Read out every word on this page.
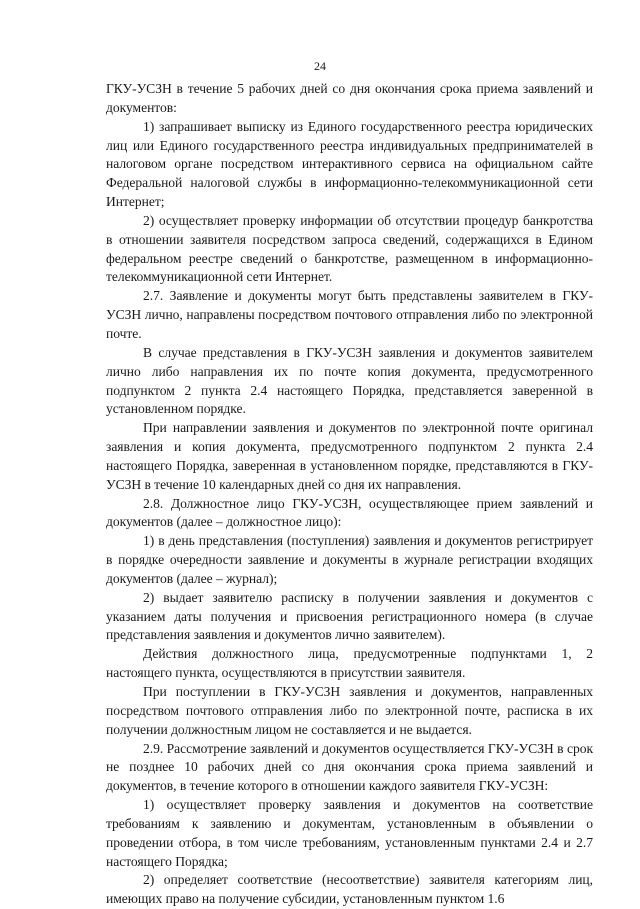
24

ГКУ-УСЗН в течение 5 рабочих дней со дня окончания срока приема заявлений и документов:

1) запрашивает выписку из Единого государственного реестра юридических лиц или Единого государственного реестра индивидуальных предпринимателей в налоговом органе посредством интерактивного сервиса на официальном сайте Федеральной налоговой службы в информационно-телекоммуникационной сети Интернет;

2) осуществляет проверку информации об отсутствии процедур банкротства в отношении заявителя посредством запроса сведений, содержащихся в Едином федеральном реестре сведений о банкротстве, размещенном в информационно-телекоммуникационной сети Интернет.

2.7. Заявление и документы могут быть представлены заявителем в ГКУ-УСЗН лично, направлены посредством почтового отправления либо по электронной почте.

В случае представления в ГКУ-УСЗН заявления и документов заявителем лично либо направления их по почте копия документа, предусмотренного подпунктом 2 пункта 2.4 настоящего Порядка, представляется заверенной в установленном порядке.

При направлении заявления и документов по электронной почте оригинал заявления и копия документа, предусмотренного подпунктом 2 пункта 2.4 настоящего Порядка, заверенная в установленном порядке, представляются в ГКУ-УСЗН в течение 10 календарных дней со дня их направления.

2.8. Должностное лицо ГКУ-УСЗН, осуществляющее прием заявлений и документов (далее – должностное лицо):

1) в день представления (поступления) заявления и документов регистрирует в порядке очередности заявление и документы в журнале регистрации входящих документов (далее – журнал);

2) выдает заявителю расписку в получении заявления и документов с указанием даты получения и присвоения регистрационного номера (в случае представления заявления и документов лично заявителем).

Действия должностного лица, предусмотренные подпунктами 1, 2 настоящего пункта, осуществляются в присутствии заявителя.

При поступлении в ГКУ-УСЗН заявления и документов, направленных посредством почтового отправления либо по электронной почте, расписка в их получении должностным лицом не составляется и не выдается.

2.9. Рассмотрение заявлений и документов осуществляется ГКУ-УСЗН в срок не позднее 10 рабочих дней со дня окончания срока приема заявлений и документов, в течение которого в отношении каждого заявителя ГКУ-УСЗН:

1) осуществляет проверку заявления и документов на соответствие требованиям к заявлению и документам, установленным в объявлении о проведении отбора, в том числе требованиям, установленным пунктами 2.4 и 2.7 настоящего Порядка;

2) определяет соответствие (несоответствие) заявителя категориям лиц, имеющих право на получение субсидии, установленным пунктом 1.6
